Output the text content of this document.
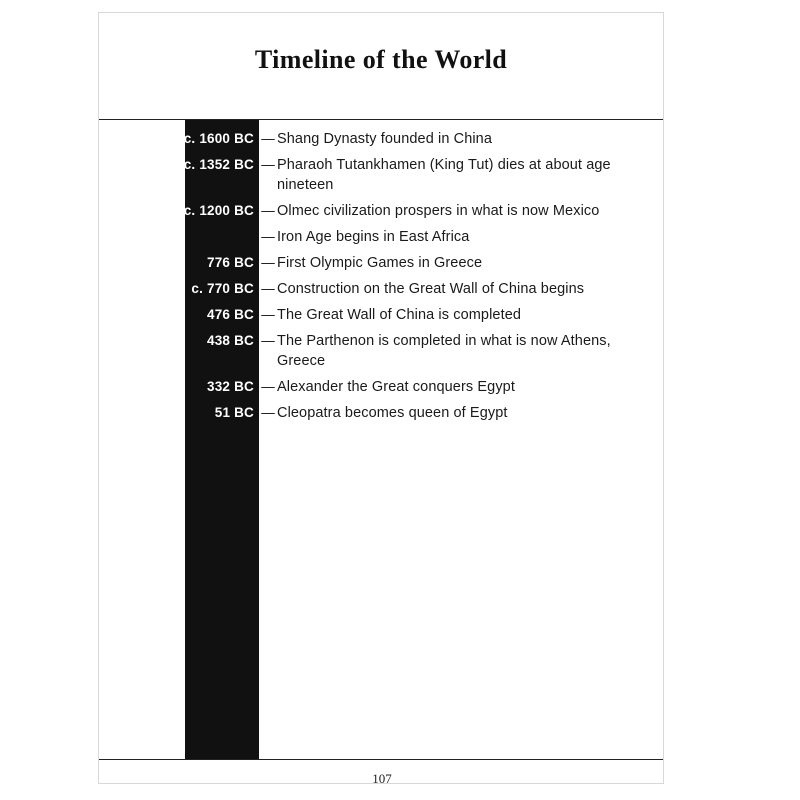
Timeline of the World
c. 1600 BC — Shang Dynasty founded in China
c. 1352 BC — Pharaoh Tutankhamen (King Tut) dies at about age nineteen
c. 1200 BC — Olmec civilization prospers in what is now Mexico
— Iron Age begins in East Africa
776 BC — First Olympic Games in Greece
c. 770 BC — Construction on the Great Wall of China begins
476 BC — The Great Wall of China is completed
438 BC — The Parthenon is completed in what is now Athens, Greece
332 BC — Alexander the Great conquers Egypt
51 BC — Cleopatra becomes queen of Egypt
107
